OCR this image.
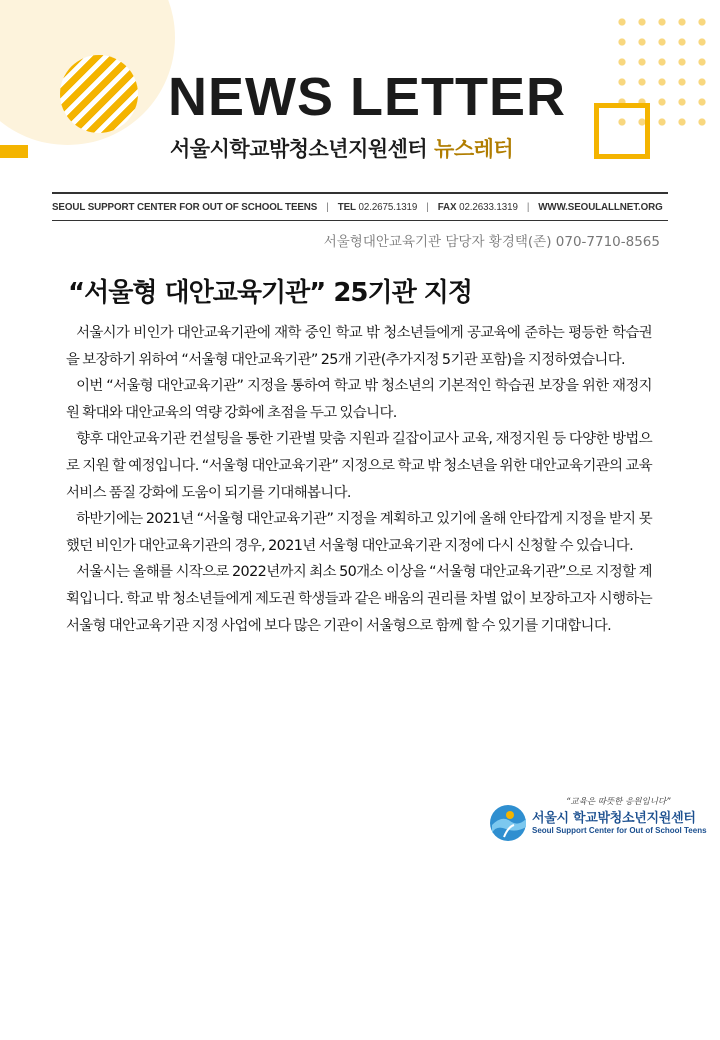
NEWS LETTER
서울시학교밖청소년지원센터 뉴스레터
SEOUL SUPPORT CENTER FOR OUT OF SCHOOL TEENS | TEL 02.2675.1319 | FAX 02.2633.1319 | WWW.SEOULALLNET.ORG
서울형대안교육기관 담당자 황경택(존) 070-7710-8565
“서울형 대안교육기관” 25기관 지정

서울시가 비인가 대안교육기관에 재학 중인 학교 밖 청소년들에게 공교육에 준하는 평등한 학습권을 보장하기 위하여 “서울형 대안교육기관” 25개 기관(추가지정 5기관 포함)을 지정하였습니다.

이번 “서울형 대안교육기관” 지정을 통하여 학교 밖 청소년의 기본적인 학습권 보장을 위한 재정지원 확대와 대안교육의 역량 강화에 초점을 두고 있습니다.

향후 대안교육기관 컨설팅을 통한 기관별 맞춤 지원과 길잡이교사 교육, 재정지원 등 다양한 방법으로 지원 할 예정입니다. “서울형 대안교육기관” 지정으로 학교 밖 청소년을 위한 대안교육기관의 교육서비스 품질 강화에 도움이 되기를 기대해봅니다.

하반기에는 2021년 “서울형 대안교육기관” 지정을 계획하고 있기에 올해 안타깝게 지정을 받지 못했던 비인가 대안교육기관의 경우, 2021년 서울형 대안교육기관 지정에 다시 신청할 수 있습니다.

서울시는 올해를 시작으로 2022년까지 최소 50개소 이상을 “서울형 대안교육기관”으로 지정할 계획입니다. 학교 밖 청소년들에게 제도권 학생들과 같은 배움의 권리를 차별 없이 보장하고자 시행하는 서울형 대안교육기관 지정 사업에 보다 많은 기관이 서울형으로 함께 할 수 있기를 기대합니다.

“교육은 따뜻한 응원입니다”
서울시 학교밖청소년지원센터
Seoul Support Center for Out of School Teens
